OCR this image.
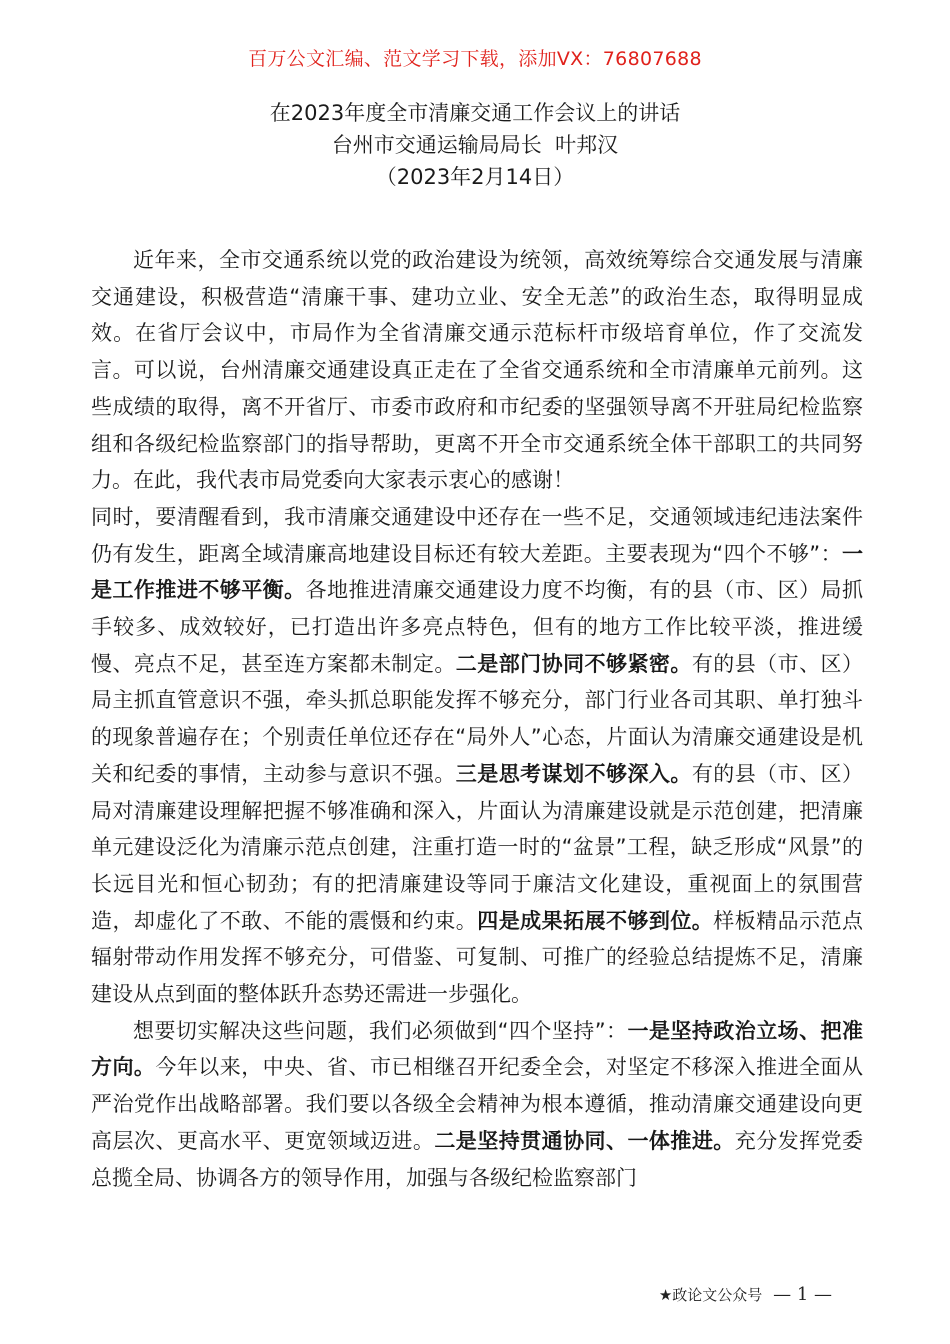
百万公文汇编、范文学习下载，添加VX：76807688
在2023年度全市清廉交通工作会议上的讲话
台州市交通运输局局长  叶邦汉
（2023年2月14日）

近年来，全市交通系统以党的政治建设为统领，高效统筹综合交通发展与清廉交通建设，积极营造“清廉干事、建功立业、安全无恙”的政治生态，取得明显成效。在省厅会议中，市局作为全省清廉交通示范标杆市级培育单位，作了交流发言。可以说，台州清廉交通建设真正走在了全省交通系统和全市清廉单元前列。这些成绩的取得，离不开省厅、市委市政府和市纪委的坚强领导离不开驻局纪检监察组和各级纪检监察部门的指导帮助，更离不开全市交通系统全体干部职工的共同努力。在此，我代表市局党委向大家表示衷心的感谢！

同时，要清醒看到，我市清廉交通建设中还存在一些不足，交通领域违纪违法案件仍有发生，距离全域清廉高地建设目标还有较大差距。主要表现为“四个不够”：一是工作推进不够平衡。各地推进清廉交通建设力度不均衡，有的县（市、区）局抓手较多、成效较好，已打造出许多亮点特色，但有的地方工作比较平淡，推进缓慢、亮点不足，甚至连方案都未制定。二是部门协同不够紧密。有的县（市、区）局主抓直管意识不强，牵头抓总职能发挥不够充分，部门行业各司其职、单打独斗的现象普遍存在；个别责任单位还存在“局外人”心态，片面认为清廉交通建设是机关和纪委的事情，主动参与意识不强。三是思考谋划不够深入。有的县（市、区）局对清廉建设理解把握不够准确和深入，片面认为清廉建设就是示范创建，把清廉单元建设泛化为清廉示范点创建，注重打造一时的“盆景”工程，缺乏形成“风景”的长远目光和恒心韧劲；有的把清廉建设等同于廉洁文化建设，重视面上的氛围营造，却虚化了不敢、不能的震慑和约束。四是成果拓展不够到位。样板精品示范点辐射带动作用发挥不够充分，可借鉴、可复制、可推广的经验总结提炼不足，清廉建设从点到面的整体跃升态势还需进一步强化。

想要切实解决这些问题，我们必须做到“四个坚持”：一是坚持政治立场、把准方向。今年以来，中央、省、市已相继召开纪委全会，对坚定不移深入推进全面从严治党作出战略部署。我们要以各级全会精神为根本遵循，推动清廉交通建设向更高层次、更高水平、更宽领域迈进。二是坚持贯通协同、一体推进。充分发挥党委总揽全局、协调各方的领导作用，加强与各级纪检监察部门

★政论文公众号 — 1 —
